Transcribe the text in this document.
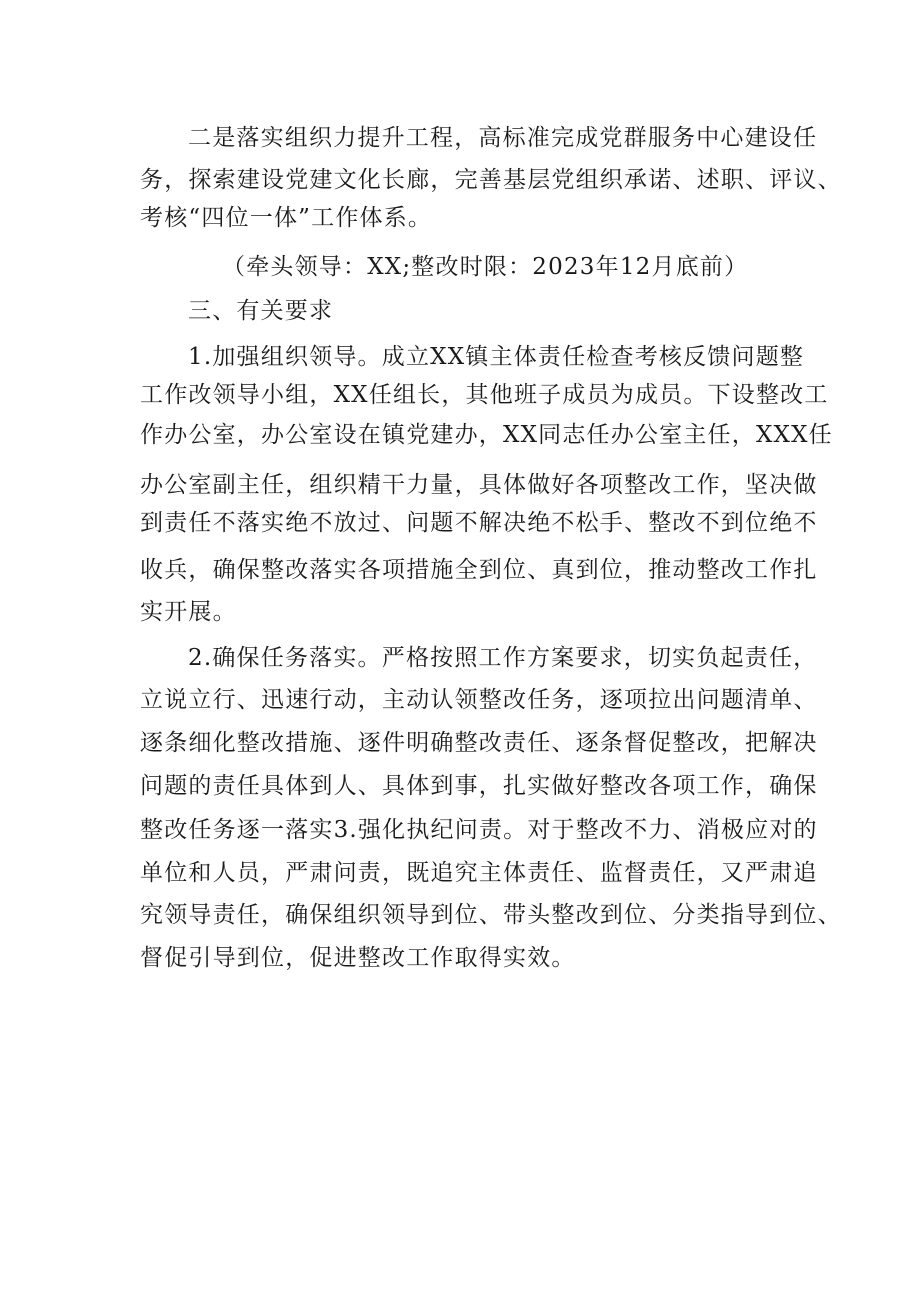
二是落实组织力提升工程，高标准完成党群服务中心建设任
务，探索建设党建文化长廊，完善基层党组织承诺、述职、评议、
考核“四位一体”工作体系。
（牵头领导：XX;整改时限：2023年12月底前）
三、有关要求
1.加强组织领导。成立XX镇主体责任检查考核反馈问题整
工作改领导小组，XX任组长，其他班子成员为成员。下设整改工
作办公室，办公室设在镇党建办，XX同志任办公室主任，XXX任
办公室副主任，组织精干力量，具体做好各项整改工作，坚决做
到责任不落实绝不放过、问题不解决绝不松手、整改不到位绝不
收兵，确保整改落实各项措施全到位、真到位，推动整改工作扎
实开展。
2.确保任务落实。严格按照工作方案要求，切实负起责任，
立说立行、迅速行动，主动认领整改任务，逐项拉出问题清单、
逐条细化整改措施、逐件明确整改责任、逐条督促整改，把解决
问题的责任具体到人、具体到事，扎实做好整改各项工作，确保
整改任务逐一落实3.强化执纪问责。对于整改不力、消极应对的
单位和人员，严肃问责，既追究主体责任、监督责任，又严肃追
究领导责任，确保组织领导到位、带头整改到位、分类指导到位、
督促引导到位，促进整改工作取得实效。
